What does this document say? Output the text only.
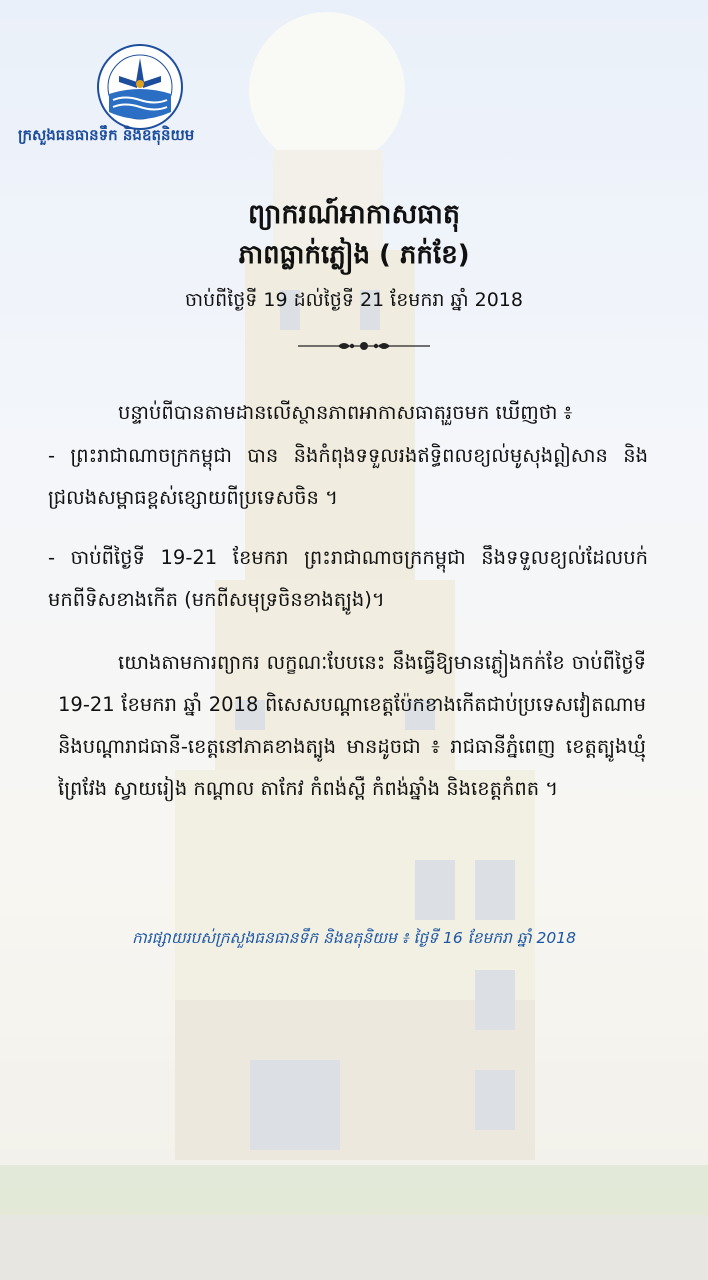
ក្រសួងធនធានទឹក និងឧតុនិយម
ព្យាករណ៍អាកាសធាតុ
ភាពធ្លាក់ភ្លៀង ( ភក់ខែ)
ចាប់ពីថ្ងៃទី 19 ដល់ថ្ងៃទី 21 ខែមករា ឆ្នាំ 2018
បន្ទាប់ពីបានតាមដានលើស្ថានភាពអាកាសធាតុរួចមក ឃើញថា ៖
- ព្រះរាជាណាចក្រកម្ពុជា បាន និងកំពុងទទួលរងឥទ្ធិពលខ្យល់មូសុងឦសាន និងជ្រលងសម្ពាធខ្ពស់ខ្សោយពីប្រទេសចិន ។
- ចាប់ពីថ្ងៃទី 19-21 ខែមករា ព្រះរាជាណាចក្រកម្ពុជា នឹងទទួលខ្យល់ដែលបក់មកពីទិសខាងកើត (មកពីសមុទ្រចិនខាងត្បូង)។
យោងតាមការព្យាករ លក្ខណៈបែបនេះ នឹងធ្វើឱ្យមានភ្លៀងកក់ខែ ចាប់ពីថ្ងៃទី 19-21 ខែមករា ឆ្នាំ 2018 ពិសេសបណ្តាខេត្តប៉ែកខាងកើតជាប់ប្រទេសវៀតណាម និងបណ្តារាជធានី-ខេត្តនៅភាគខាងត្បូង មានដូចជា ៖ រាជធានីភ្នំពេញ ខេត្តត្បូងឃ្មុំ ព្រៃវែង ស្វាយរៀង កណ្តាល តាកែវ កំពង់ស្ពឺ កំពង់ឆ្នាំង និងខេត្តកំពត ។
ការផ្សាយរបស់ក្រសួងធនធានទឹក និងឧតុនិយម ៖ ថ្ងៃទី 16 ខែមករា ឆ្នាំ 2018
